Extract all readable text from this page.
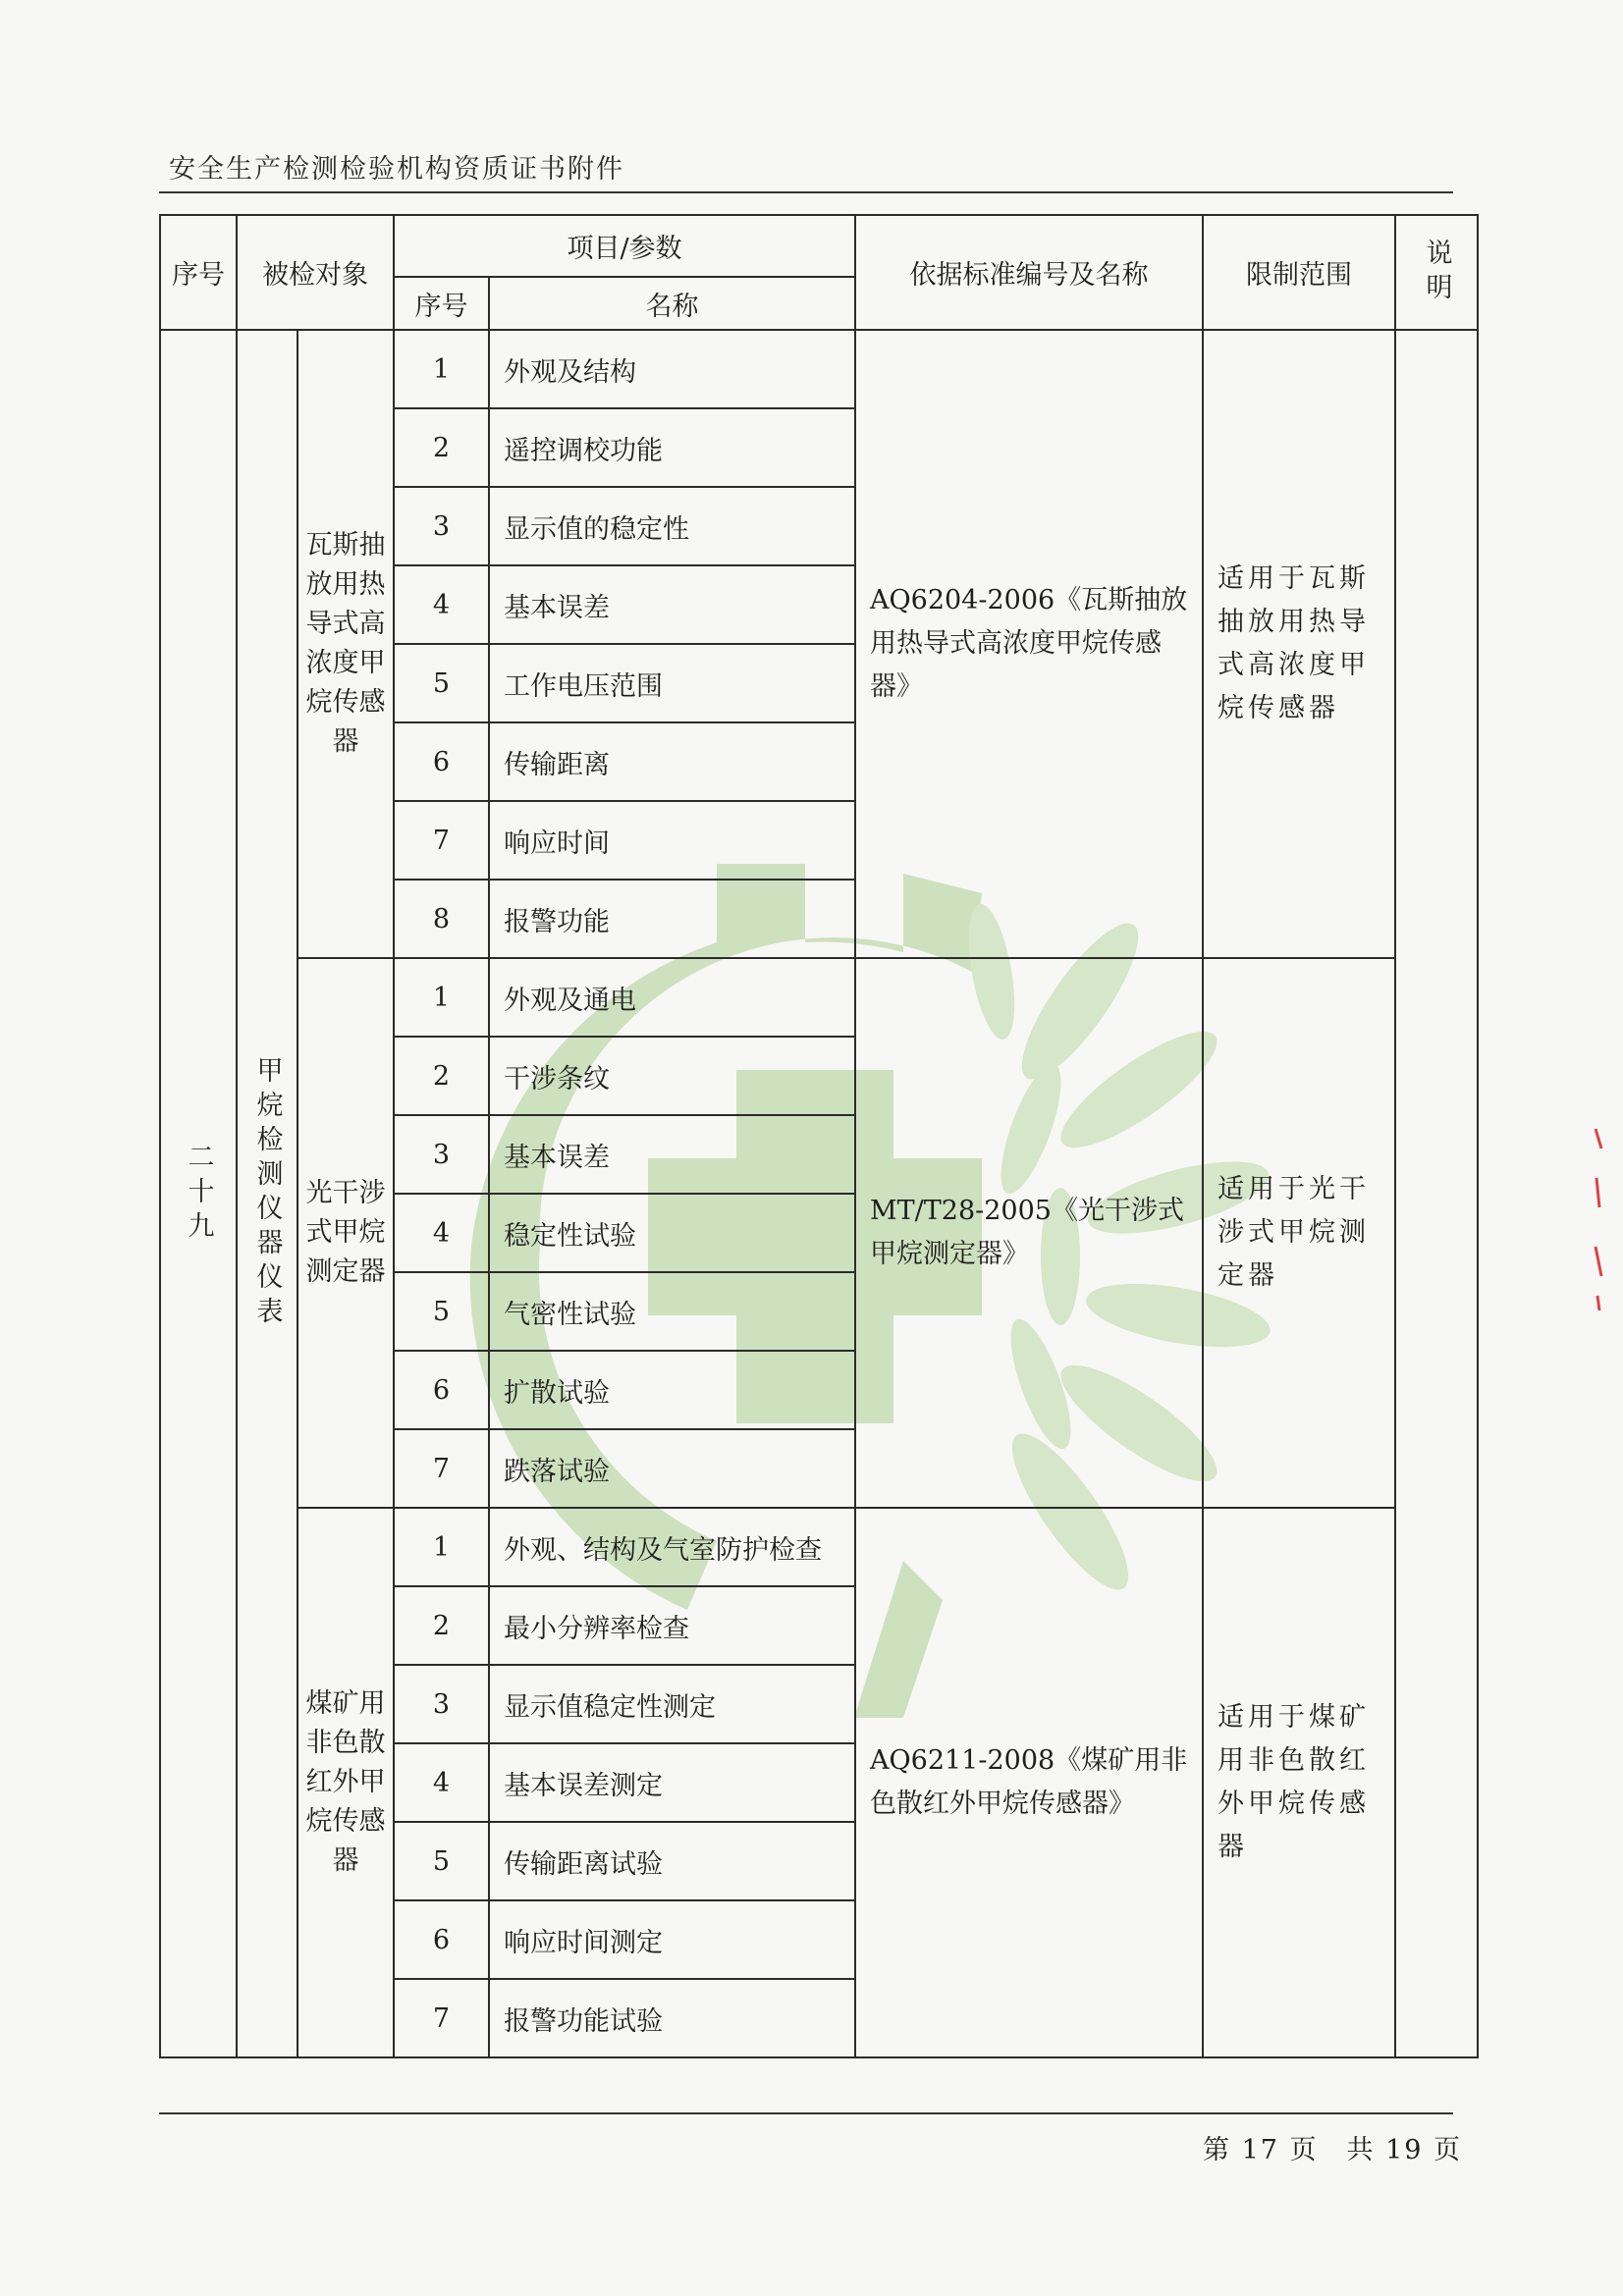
安全生产检测检验机构资质证书附件
序号	被检对象		项目/参数		依据标准编号及名称	限制范围	说明
			序号	名称			
二十九	甲烷检测仪器仪表	瓦斯抽放用热导式高浓度甲烷传感器	1	外观及结构	AQ6204-2006《瓦斯抽放用热导式高浓度甲烷传感器》	适用于瓦斯抽放用热导式高浓度甲烷传感器	
			2	遥控调校功能			
			3	显示值的稳定性			
			4	基本误差			
			5	工作电压范围			
			6	传输距离			
			7	响应时间			
			8	报警功能			
		光干涉式甲烷测定器	1	外观及通电	MT/T28-2005《光干涉式甲烷测定器》	适用于光干涉式甲烷测定器	
			2	干涉条纹			
			3	基本误差			
			4	稳定性试验			
			5	气密性试验			
			6	扩散试验			
			7	跌落试验			
		煤矿用非色散红外甲烷传感器	1	外观、结构及气室防护检查	AQ6211-2008《煤矿用非色散红外甲烷传感器》	适用于煤矿用非色散红外甲烷传感器	
			2	最小分辨率检查			
			3	显示值稳定性测定			
			4	基本误差测定			
			5	传输距离试验			
			6	响应时间测定			
			7	报警功能试验			
第 17 页　共 19 页
